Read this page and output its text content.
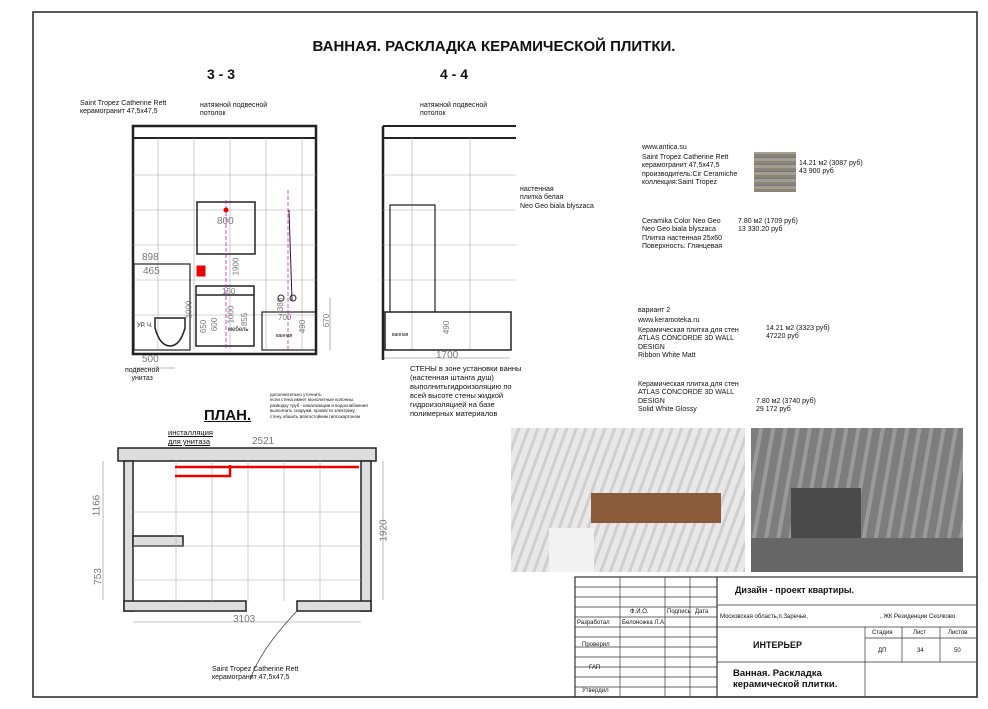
ВАННАЯ. РАСКЛАДКА КЕРАМИЧЕСКОЙ ПЛИТКИ.
3 - 3
Saint Tropez Catherine Rett
керамогранит 47,5x47,5
натяжной подвесной
потолок
800
898
465	1900
150
1000	1000 855
650 600
380
700
490 670
УР. Ч.
мебель
ванная
500
подвесной
унитаз
4 - 4
натяжной подвесной
потолок
настенная
плитка белая
Neo Geo biala blyszaca
490
ванная
1700
СТЕНЫ в зоне установки ванны
(настенная штанга душ)
выполнитьгидроизоляцию по
всей высоте стены жидкой
гидроизоляцией на базе
полимерных материалов
ПЛАН.
дополнительно уточнить
если стена имеет монолитные колонны,
разводку труб - канализации и водоснабжения
выполнить снаружи, провести электрику,
стену обшить влагостойким гипсокартоном
инсталляция
для унитаза	2521
1166
753
1920
3103
Saint Tropez Catherine Rett
керамогранит 47,5x47,5
www.antica.su
Saint Tropez Catherine Rett
керамогранит 47,5x47,5
производитель:Cir Ceramiche
коллекция:Saint Tropez
14.21 м2 (3087 руб)
43 900 руб
Ceramika Color Neo Geo
Neo Geo biala blyszaca
Плитка настенная 25x60
Поверхность: Глянцевая
7.80 м2 (1709 руб)
13 330.20 руб
вариант 2
www.keramoteka.ru
Керамическая плитка для стен
ATLAS CONCORDE 3D WALL
DESIGN
Ribbon White Matt
14.21 м2 (3323 руб)
47220 руб
Керамическая плитка для стен
ATLAS CONCORDE 3D WALL
DESIGN
Solid White Glossy
7.80 м2 (3740 руб)
29 172 руб
Дизайн - проект квартиры.
Московская область,п.Заречье,	, ЖК Резиденции Сколково
ИНТЕРЬЕР
Ванная. Раскладка
керамической плитки.
Стадия	Лист	Листов
ДП	34	50
Ф.И.О.	Подпись Дата
Разработал Белоножка Л.А.
Проверил
ГАП
Утвердил
